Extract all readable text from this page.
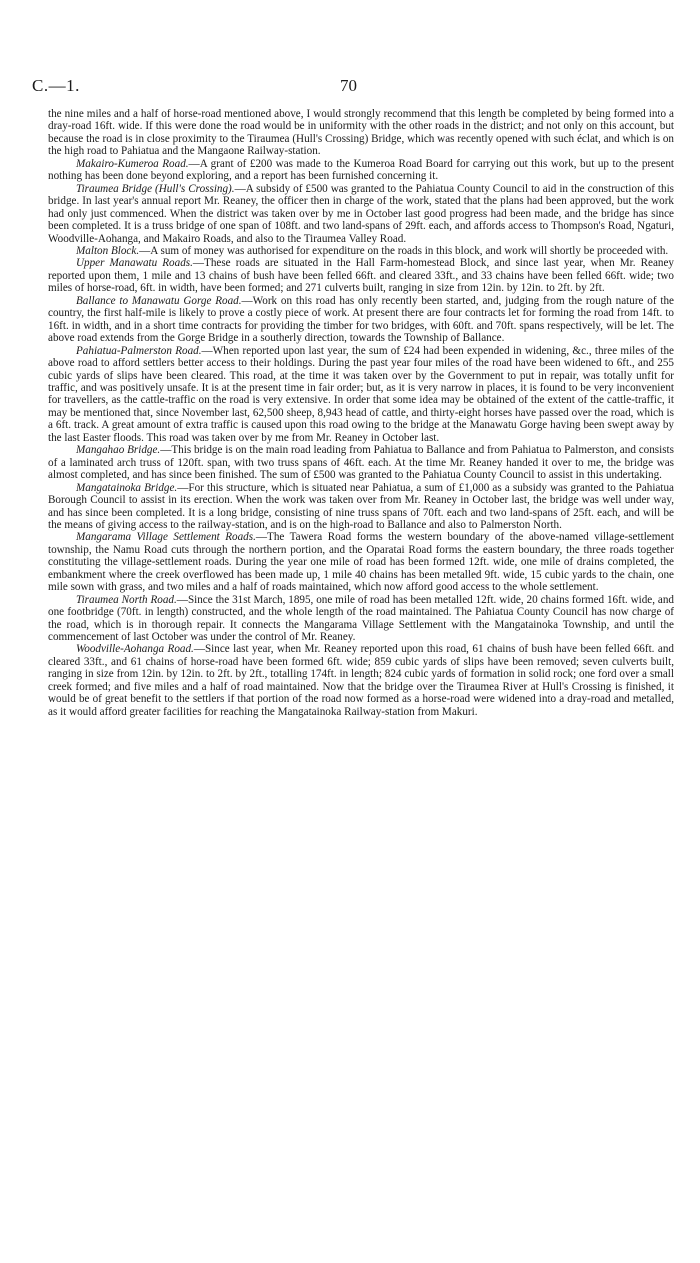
C.—1.	70

the nine miles and a half of horse-road mentioned above, I would strongly recommend that this length be completed by being formed into a dray-road 16ft. wide. If this were done the road would be in uniformity with the other roads in the district; and not only on this account, but because the road is in close proximity to the Tiraumea (Hull's Crossing) Bridge, which was recently opened with such éclat, and which is on the high road to Pahiatua and the Mangaone Railway-station.

Makairo-Kumeroa Road.—A grant of £200 was made to the Kumeroa Road Board for carrying out this work, but up to the present nothing has been done beyond exploring, and a report has been furnished concerning it.

Tiraumea Bridge (Hull's Crossing).—A subsidy of £500 was granted to the Pahiatua County Council to aid in the construction of this bridge. In last year's annual report Mr. Reaney, the officer then in charge of the work, stated that the plans had been approved, but the work had only just commenced. When the district was taken over by me in October last good progress had been made, and the bridge has since been completed. It is a truss bridge of one span of 108ft. and two land-spans of 29ft. each, and affords access to Thompson's Road, Ngaturi, Woodville-Aohanga, and Makairo Roads, and also to the Tiraumea Valley Road.

Malton Block.—A sum of money was authorised for expenditure on the roads in this block, and work will shortly be proceeded with.

Upper Manawatu Roads.—These roads are situated in the Hall Farm-homestead Block, and since last year, when Mr. Reaney reported upon them, 1 mile and 13 chains of bush have been felled 66ft. and cleared 33ft., and 33 chains have been felled 66ft. wide; two miles of horse-road, 6ft. in width, have been formed; and 271 culverts built, ranging in size from 12in. by 12in. to 2ft. by 2ft.

Ballance to Manawatu Gorge Road.—Work on this road has only recently been started, and, judging from the rough nature of the country, the first half-mile is likely to prove a costly piece of work. At present there are four contracts let for forming the road from 14ft. to 16ft. in width, and in a short time contracts for providing the timber for two bridges, with 60ft. and 70ft. spans respectively, will be let. The above road extends from the Gorge Bridge in a southerly direction, towards the Township of Ballance.

Pahiatua-Palmerston Road.—When reported upon last year, the sum of £24 had been expended in widening, &c., three miles of the above road to afford settlers better access to their holdings. During the past year four miles of the road have been widened to 6ft., and 255 cubic yards of slips have been cleared. This road, at the time it was taken over by the Government to put in repair, was totally unfit for traffic, and was positively unsafe. It is at the present time in fair order; but, as it is very narrow in places, it is found to be very inconvenient for travellers, as the cattle-traffic on the road is very extensive. In order that some idea may be obtained of the extent of the cattle-traffic, it may be mentioned that, since November last, 62,500 sheep, 8,943 head of cattle, and thirty-eight horses have passed over the road, which is a 6ft. track. A great amount of extra traffic is caused upon this road owing to the bridge at the Manawatu Gorge having been swept away by the last Easter floods. This road was taken over by me from Mr. Reaney in October last.

Mangahao Bridge.—This bridge is on the main road leading from Pahiatua to Ballance and from Pahiatua to Palmerston, and consists of a laminated arch truss of 120ft. span, with two truss spans of 46ft. each. At the time Mr. Reaney handed it over to me, the bridge was almost completed, and has since been finished. The sum of £500 was granted to the Pahiatua County Council to assist in this undertaking.

Mangatainoka Bridge.—For this structure, which is situated near Pahiatua, a sum of £1,000 as a subsidy was granted to the Pahiatua Borough Council to assist in its erection. When the work was taken over from Mr. Reaney in October last, the bridge was well under way, and has since been completed. It is a long bridge, consisting of nine truss spans of 70ft. each and two land-spans of 25ft. each, and will be the means of giving access to the railway-station, and is on the high-road to Ballance and also to Palmerston North.

Mangarama Village Settlement Roads.—The Tawera Road forms the western boundary of the above-named village-settlement township, the Namu Road cuts through the northern portion, and the Oparatai Road forms the eastern boundary, the three roads together constituting the village-settlement roads. During the year one mile of road has been formed 12ft. wide, one mile of drains completed, the embankment where the creek overflowed has been made up, 1 mile 40 chains has been metalled 9ft. wide, 15 cubic yards to the chain, one mile sown with grass, and two miles and a half of roads maintained, which now afford good access to the whole settlement.

Tiraumea North Road.—Since the 31st March, 1895, one mile of road has been metalled 12ft. wide, 20 chains formed 16ft. wide, and one footbridge (70ft. in length) constructed, and the whole length of the road maintained. The Pahiatua County Council has now charge of the road, which is in thorough repair. It connects the Mangarama Village Settlement with the Mangatainoka Township, and until the commencement of last October was under the control of Mr. Reaney.

Woodville-Aohanga Road.—Since last year, when Mr. Reaney reported upon this road, 61 chains of bush have been felled 66ft. and cleared 33ft., and 61 chains of horse-road have been formed 6ft. wide; 859 cubic yards of slips have been removed; seven culverts built, ranging in size from 12in. by 12in. to 2ft. by 2ft., totalling 174ft. in length; 824 cubic yards of formation in solid rock; one ford over a small creek formed; and five miles and a half of road maintained. Now that the bridge over the Tiraumea River at Hull's Crossing is finished, it would be of great benefit to the settlers if that portion of the road now formed as a horse-road were widened into a dray-road and metalled, as it would afford greater facilities for reaching the Mangatainoka Railway-station from Makuri.
